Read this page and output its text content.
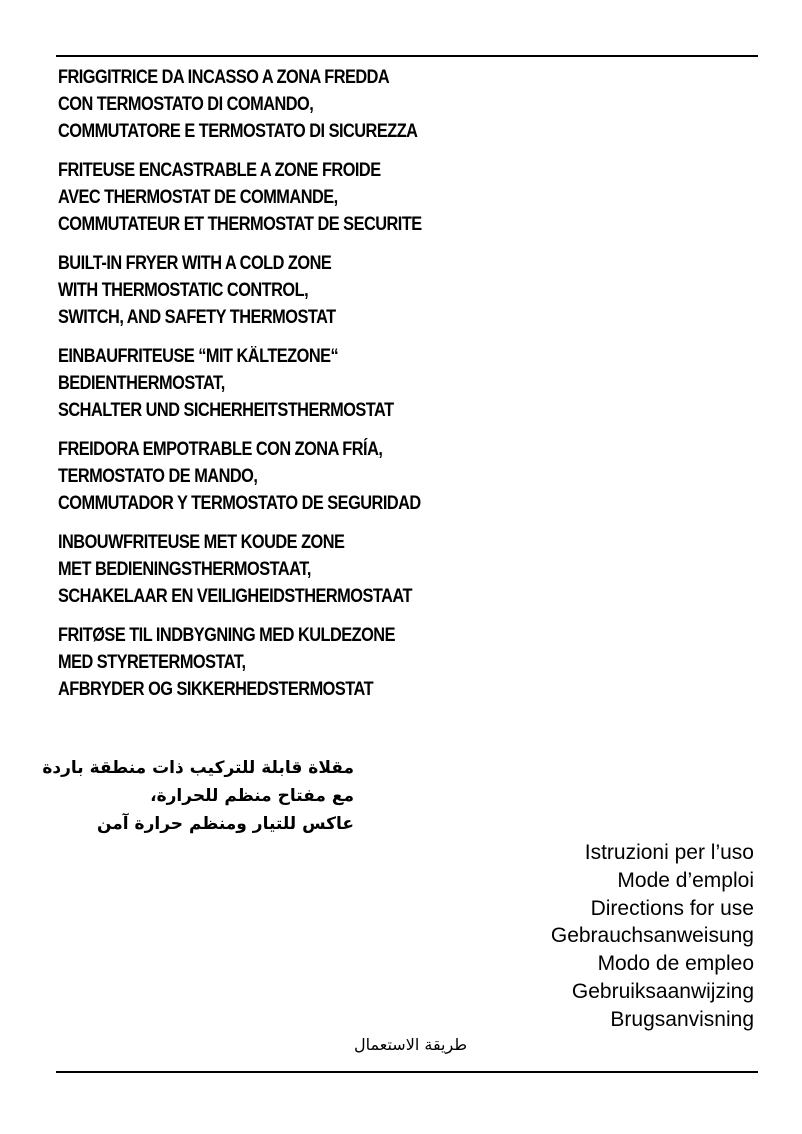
FRIGGITRICE DA INCASSO A ZONA FREDDA
CON TERMOSTATO DI COMANDO,
COMMUTATORE E TERMOSTATO DI SICUREZZA
FRITEUSE ENCASTRABLE A ZONE FROIDE
AVEC THERMOSTAT DE COMMANDE,
COMMUTATEUR ET THERMOSTAT DE SECURITE
BUILT-IN FRYER WITH A COLD ZONE
WITH THERMOSTATIC CONTROL,
SWITCH, AND SAFETY THERMOSTAT
EINBAUFRITEUSE “MIT KÄLTEZONE“
BEDIENTHERMOSTAT,
SCHALTER UND SICHERHEITSTHERMOSTAT
FREIDORA EMPOTRABLE CON ZONA FRÍA,
TERMOSTATO DE MANDO,
COMMUTADOR Y TERMOSTATO DE SEGURIDAD
INBOUWFRITEUSE MET KOUDE ZONE
MET BEDIENINGSTHERMOSTAAT,
SCHAKELAAR EN VEILIGHEIDSTHERMOSTAAT
FRITØSE TIL INDBYGNING MED KULDEZONE
MED STYRETERMOSTAT,
AFBRYDER OG SIKKERHEDSTERMOSTAT
مقلاة قابلة للتركيب ذات منطقة باردة
مع مفتاح منظم للحرارة،
عاكس للتيار ومنظم حرارة آمن
Istruzioni per l’uso
Mode d’emploi
Directions for use
Gebrauchsanweisung
Modo de empleo
Gebruiksaanwijzing
Brugsanvisning
طريقة الاستعمال
